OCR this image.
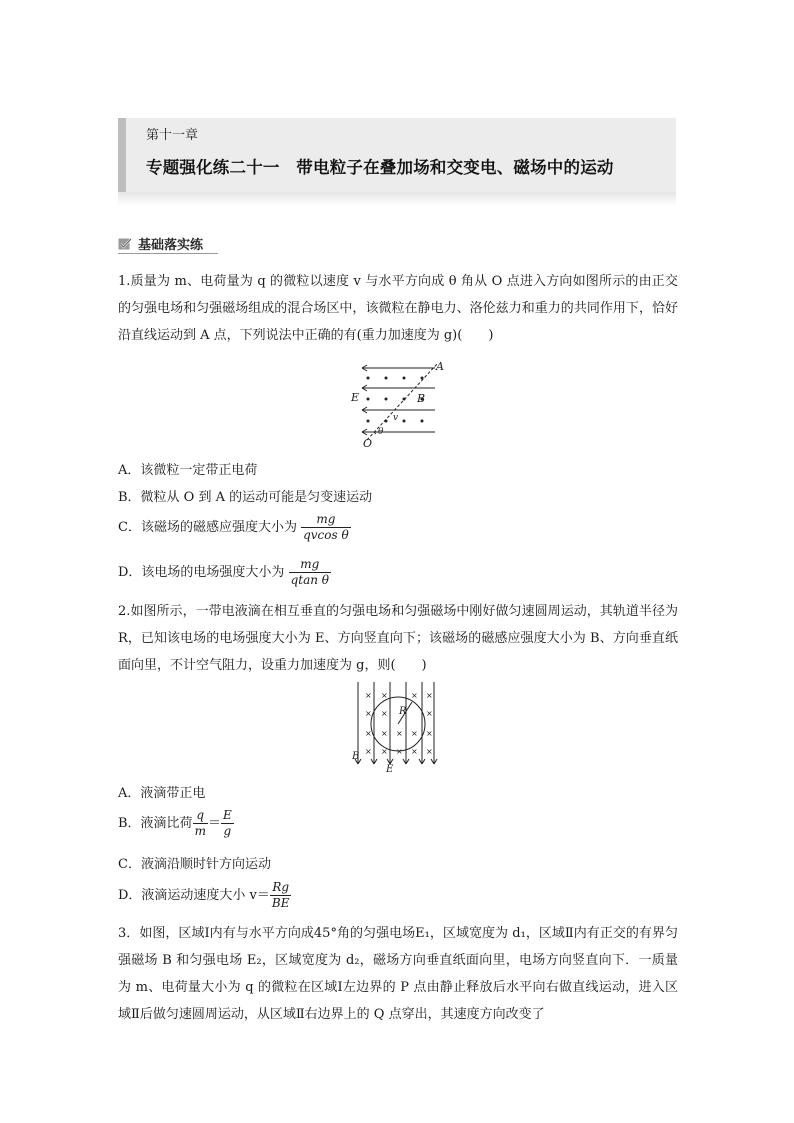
第十一章
专题强化练二十一　带电粒子在叠加场和交变电、磁场中的运动
基础落实练
1.质量为 m、电荷量为 q 的微粒以速度 v 与水平方向成 θ 角从 O 点进入方向如图所示的由正交的匀强电场和匀强磁场组成的混合场区中，该微粒在静电力、洛伦兹力和重力的共同作用下，恰好沿直线运动到 A 点，下列说法中正确的有(重力加速度为 g)(　　)
A
E	B
v
θ
O
A．该微粒一定带正电荷
B．微粒从 O 到 A 的运动可能是匀变速运动
C．该磁场的磁感应强度大小为 $\frac{mg}{\text{qvcos θ}}$
D．该电场的电场强度大小为 $\frac{mg}{\text{qtan θ}}$
2.如图所示，一带电液滴在相互垂直的匀强电场和匀强磁场中刚好做匀速圆周运动，其轨道半径为 R，已知该电场的电场强度大小为 E、方向竖直向下；该磁场的磁感应强度大小为 B、方向垂直纸面向里，不计空气阻力，设重力加速度为 g，则(　　)
× ×	× ×
× ×	×
× × × × ×
× × × × ×
R
B
E
A．液滴带正电
B．液滴比荷 $\frac{q}{m} = \frac{E}{g}$
C．液滴沿顺时针方向运动
D．液滴运动速度大小 $v= \frac{Rg}{BE}$
3．如图，区域Ⅰ内有与水平方向成45°角的匀强电场E₁，区域宽度为 d₁，区域Ⅱ内有正交的有界匀强磁场 B 和匀强电场 E₂，区域宽度为 d₂，磁场方向垂直纸面向里，电场方向竖直向下．一质量为 m、电荷量大小为 q 的微粒在区域Ⅰ左边界的 P 点由静止释放后水平向右做直线运动，进入区域Ⅱ后做匀速圆周运动，从区域Ⅱ右边界上的 Q 点穿出，其速度方向改变了
